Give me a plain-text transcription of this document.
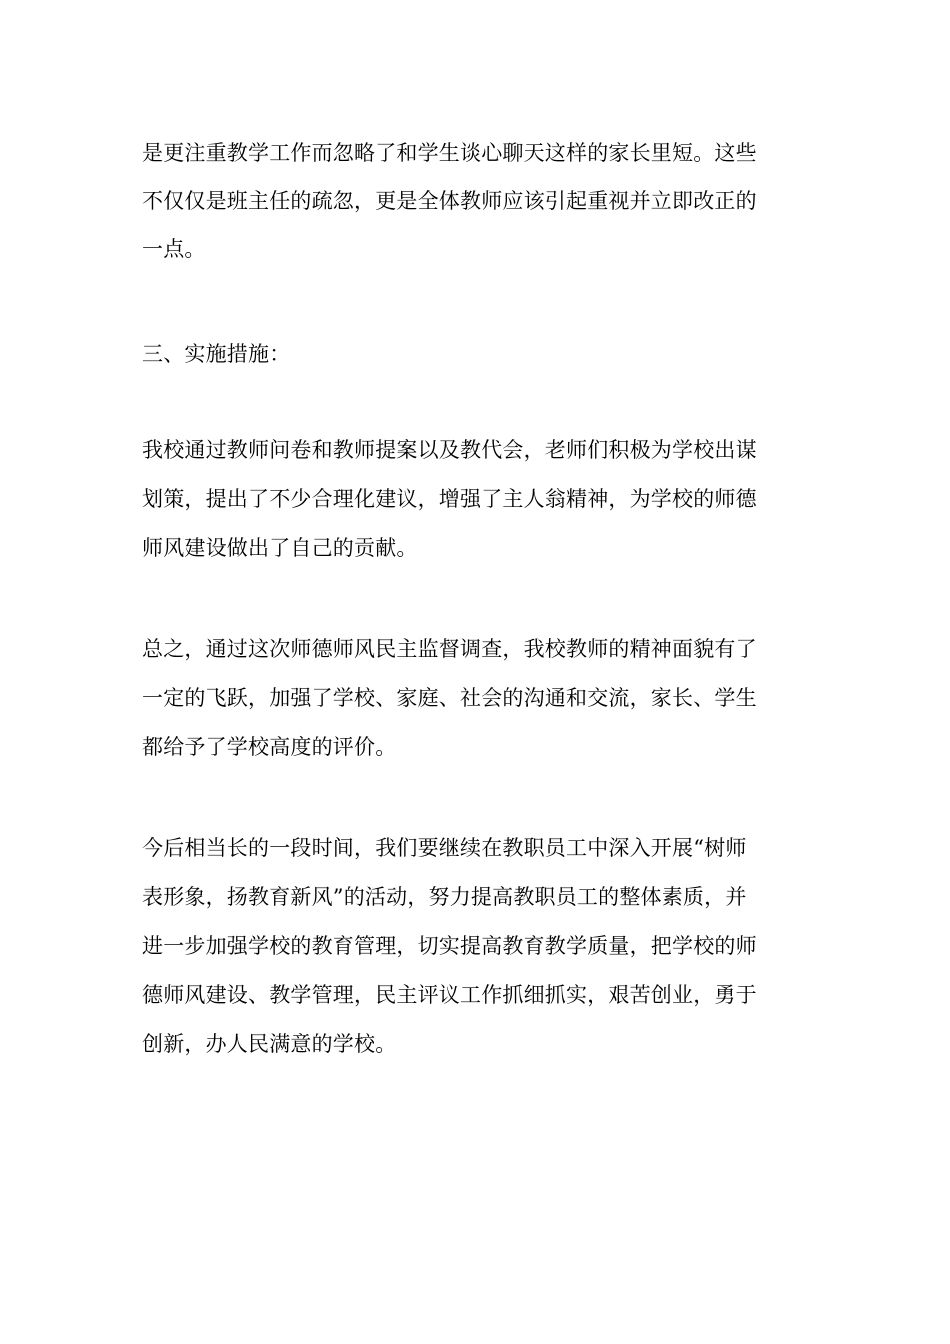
是更注重教学工作而忽略了和学生谈心聊天这样的家长里短。这些
不仅仅是班主任的疏忽，更是全体教师应该引起重视并立即改正的
一点。
三、实施措施：
我校通过教师问卷和教师提案以及教代会，老师们积极为学校出谋
划策，提出了不少合理化建议，增强了主人翁精神，为学校的师德
师风建设做出了自己的贡献。
总之，通过这次师德师风民主监督调查，我校教师的精神面貌有了
一定的飞跃，加强了学校、家庭、社会的沟通和交流，家长、学生
都给予了学校高度的评价。
今后相当长的一段时间，我们要继续在教职员工中深入开展“树师
表形象，扬教育新风”的活动，努力提高教职员工的整体素质，并
进一步加强学校的教育管理，切实提高教育教学质量，把学校的师
德师风建设、教学管理，民主评议工作抓细抓实，艰苦创业，勇于
创新，办人民满意的学校。
